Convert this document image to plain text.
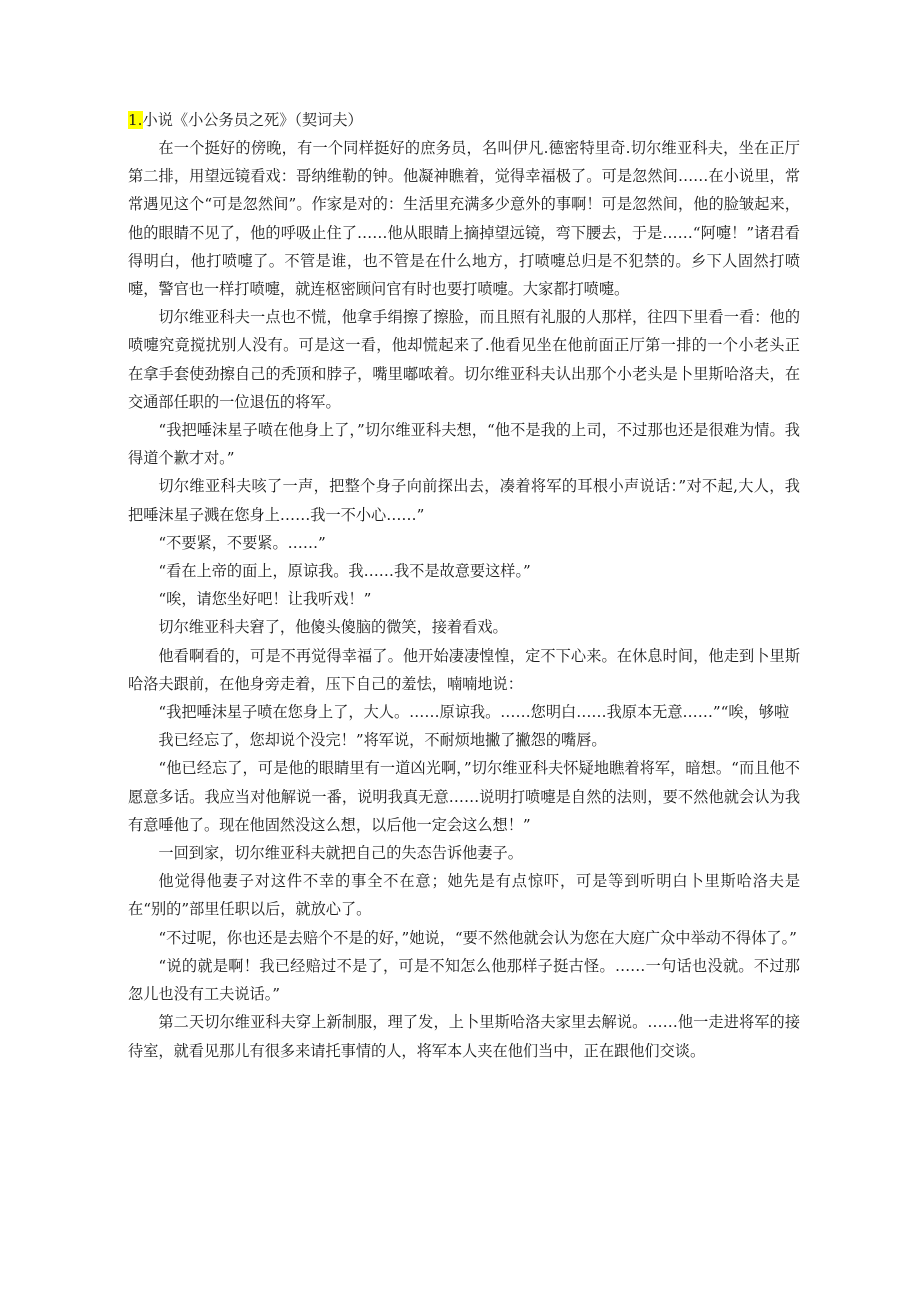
1.小说《小公务员之死》（契诃夫）

在一个挺好的傍晚，有一个同样挺好的庶务员，名叫伊凡.德密特里奇.切尔维亚科夫，坐在正厅第二排，用望远镜看戏：哥纳维勒的钟。他凝神瞧着，觉得幸福极了。可是忽然间……在小说里，常常遇见这个“可是忽然间”。作家是对的：生活里充满多少意外的事啊！可是忽然间，他的脸皱起来，他的眼睛不见了，他的呼吸止住了……他从眼睛上摘掉望远镜，弯下腰去，于是……“阿嚏！”诸君看得明白，他打喷嚏了。不管是谁，也不管是在什么地方，打喷嚏总归是不犯禁的。乡下人固然打喷嚏，警官也一样打喷嚏，就连枢密顾问官有时也要打喷嚏。大家都打喷嚏。

切尔维亚科夫一点也不慌，他拿手绢擦了擦脸，而且照有礼服的人那样，往四下里看一看：他的喷嚏究竟搅扰别人没有。可是这一看，他却慌起来了.他看见坐在他前面正厅第一排的一个小老头正在拿手套使劲擦自己的秃顶和脖子，嘴里嘟哝着。切尔维亚科夫认出那个小老头是卜里斯哈洛夫，在交通部任职的一位退伍的将军。

“我把唾沫星子喷在他身上了，”切尔维亚科夫想，“他不是我的上司，不过那也还是很难为情。我得道个歉才对。”

切尔维亚科夫咳了一声，把整个身子向前探出去，凑着将军的耳根小声说话：”对不起,大人，我把唾沫星子溅在您身上……我一不小心……”

“不要紧，不要紧。……”

“看在上帝的面上，原谅我。我……我不是故意要这样。”

“唉，请您坐好吧！让我听戏！”

切尔维亚科夫窘了，他傻头傻脑的微笑，接着看戏。

他看啊看的，可是不再觉得幸福了。他开始凄凄惶惶，定不下心来。在休息时间，他走到卜里斯哈洛夫跟前，在他身旁走着，压下自己的羞怯，喃喃地说：

“我把唾沫星子喷在您身上了，大人。……原谅我。……您明白……我原本无意……”“唉，够啦

我已经忘了，您却说个没完！”将军说，不耐烦地撇了撇怨的嘴唇。

“他已经忘了，可是他的眼睛里有一道凶光啊，”切尔维亚科夫怀疑地瞧着将军，暗想。“而且他不愿意多话。我应当对他解说一番，说明我真无意……说明打喷嚏是自然的法则，要不然他就会认为我有意唾他了。现在他固然没这么想，以后他一定会这么想！”

一回到家，切尔维亚科夫就把自己的失态告诉他妻子。

他觉得他妻子对这件不幸的事全不在意；她先是有点惊吓，可是等到听明白卜里斯哈洛夫是在“别的”部里任职以后，就放心了。

“不过呢，你也还是去赔个不是的好，”她说，“要不然他就会认为您在大庭广众中举动不得体了。”

“说的就是啊！我已经赔过不是了，可是不知怎么他那样子挺古怪。……一句话也没就。不过那忽儿也没有工夫说话。”

第二天切尔维亚科夫穿上新制服，理了发，上卜里斯哈洛夫家里去解说。……他一走进将军的接待室，就看见那儿有很多来请托事情的人，将军本人夹在他们当中，正在跟他们交谈。
